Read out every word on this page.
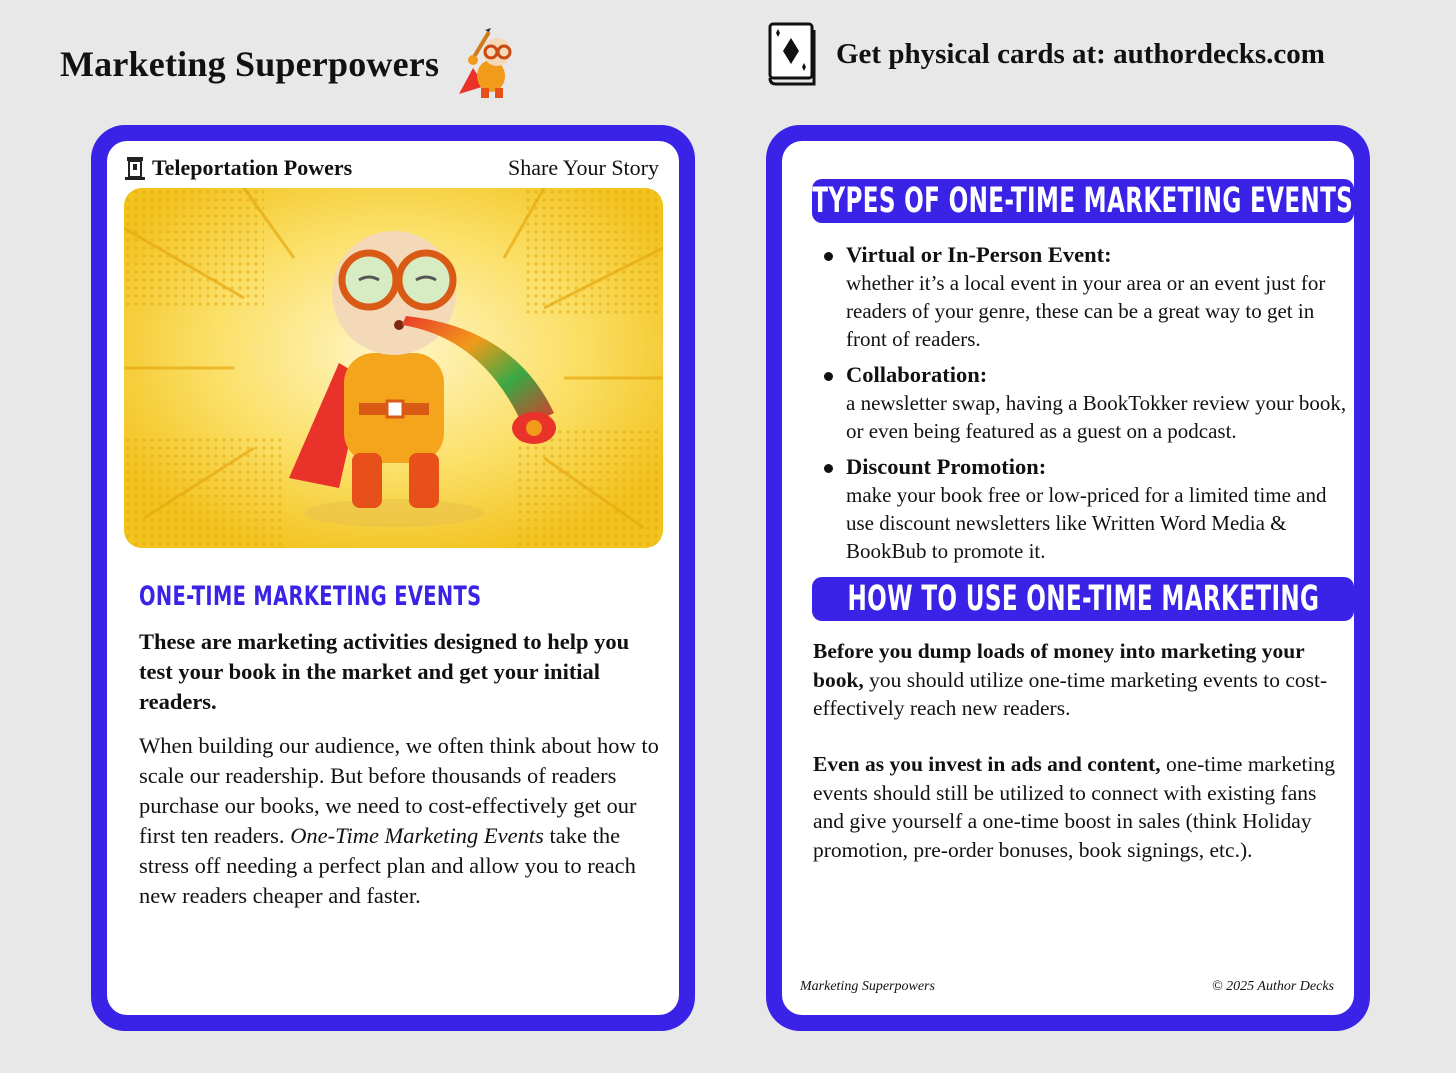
Marketing Superpowers	Get physical cards at: authordecks.com
Teleportation Powers	Share Your Story
ONE-TIME MARKETING EVENTS
These are marketing activities designed to help you test your book in the market and get your initial readers.
When building our audience, we often think about how to scale our readership. But before thousands of readers purchase our books, we need to cost-effectively get our first ten readers. One-Time Marketing Events take the stress off needing a perfect plan and allow you to reach new readers cheaper and faster.
TYPES OF ONE-TIME MARKETING EVENTS
Virtual or In-Person Event:
whether it’s a local event in your area or an event just for readers of your genre, these can be a great way to get in front of readers.
Collaboration:
a newsletter swap, having a BookTokker review your book, or even being featured as a guest on a podcast.
Discount Promotion:
make your book free or low-priced for a limited time and use discount newsletters like Written Word Media & BookBub to promote it.
HOW TO USE ONE-TIME MARKETING
Before you dump loads of money into marketing your book, you should utilize one-time marketing events to cost-effectively reach new readers.
Even as you invest in ads and content, one-time marketing events should still be utilized to connect with existing fans and give yourself a one-time boost in sales (think Holiday promotion, pre-order bonuses, book signings, etc.).
Marketing Superpowers	© 2025 Author Decks
